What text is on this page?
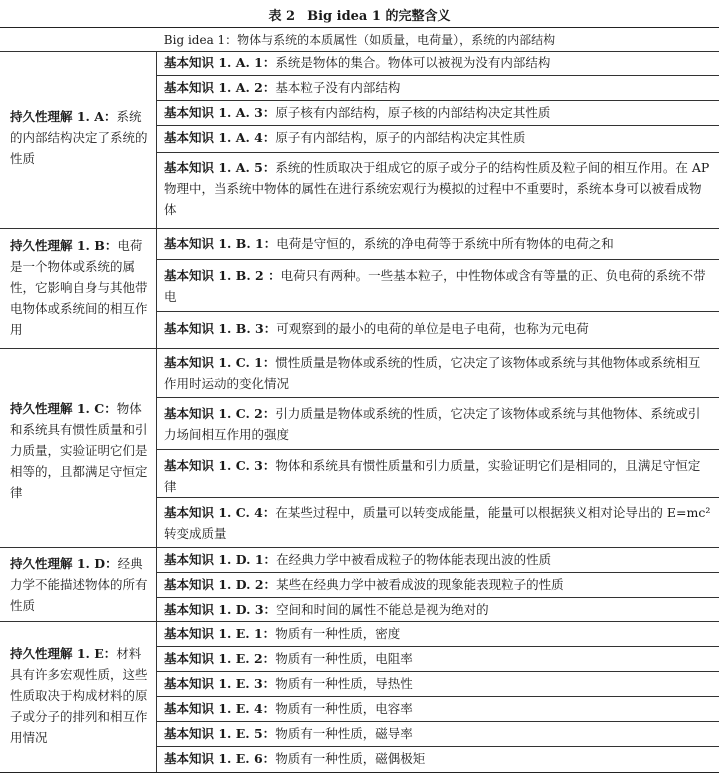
表 2 Big idea 1 的完整含义
Big idea 1：物体与系统的本质属性（如质量，电荷量），系统的内部结构
持久性理解 1. A：系统的内部结构决定了系统的性质
基本知识 1. A. 1：系统是物体的集合。物体可以被视为没有内部结构
基本知识 1. A. 2：基本粒子没有内部结构
基本知识 1. A. 3：原子核有内部结构，原子核的内部结构决定其性质
基本知识 1. A. 4：原子有内部结构，原子的内部结构决定其性质
基本知识 1. A. 5：系统的性质取决于组成它的原子或分子的结构性质及粒子间的相互作用。在 AP 物理中，当系统中物体的属性在进行系统宏观行为模拟的过程中不重要时，系统本身可以被看成物体
持久性理解 1. B：电荷是一个物体或系统的属性，它影响自身与其他带电物体或系统间的相互作用
基本知识 1. B. 1：电荷是守恒的，系统的净电荷等于系统中所有物体的电荷之和
基本知识 1. B. 2 ：电荷只有两种。一些基本粒子，中性物体或含有等量的正、负电荷的系统不带电
基本知识 1. B. 3：可观察到的最小的电荷的单位是电子电荷，也称为元电荷
持久性理解 1. C：物体和系统具有惯性质量和引力质量，实验证明它们是相等的，且都满足守恒定律
基本知识 1. C. 1：惯性质量是物体或系统的性质，它决定了该物体或系统与其他物体或系统相互作用时运动的变化情况
基本知识 1. C. 2：引力质量是物体或系统的性质，它决定了该物体或系统与其他物体、系统或引力场间相互作用的强度
基本知识 1. C. 3：物体和系统具有惯性质量和引力质量，实验证明它们是相同的，且满足守恒定律
基本知识 1. C. 4：在某些过程中，质量可以转变成能量，能量可以根据狭义相对论导出的 E=mc² 转变成质量
持久性理解 1. D：经典力学不能描述物体的所有性质
基本知识 1. D. 1：在经典力学中被看成粒子的物体能表现出波的性质
基本知识 1. D. 2：某些在经典力学中被看成波的现象能表现粒子的性质
基本知识 1. D. 3：空间和时间的属性不能总是视为绝对的
持久性理解 1. E：材料具有许多宏观性质，这些性质取决于构成材料的原子或分子的排列和相互作用情况
基本知识 1. E. 1：物质有一种性质，密度
基本知识 1. E. 2：物质有一种性质，电阻率
基本知识 1. E. 3：物质有一种性质，导热性
基本知识 1. E. 4：物质有一种性质，电容率
基本知识 1. E. 5：物质有一种性质，磁导率
基本知识 1. E. 6：物质有一种性质，磁偶极矩
